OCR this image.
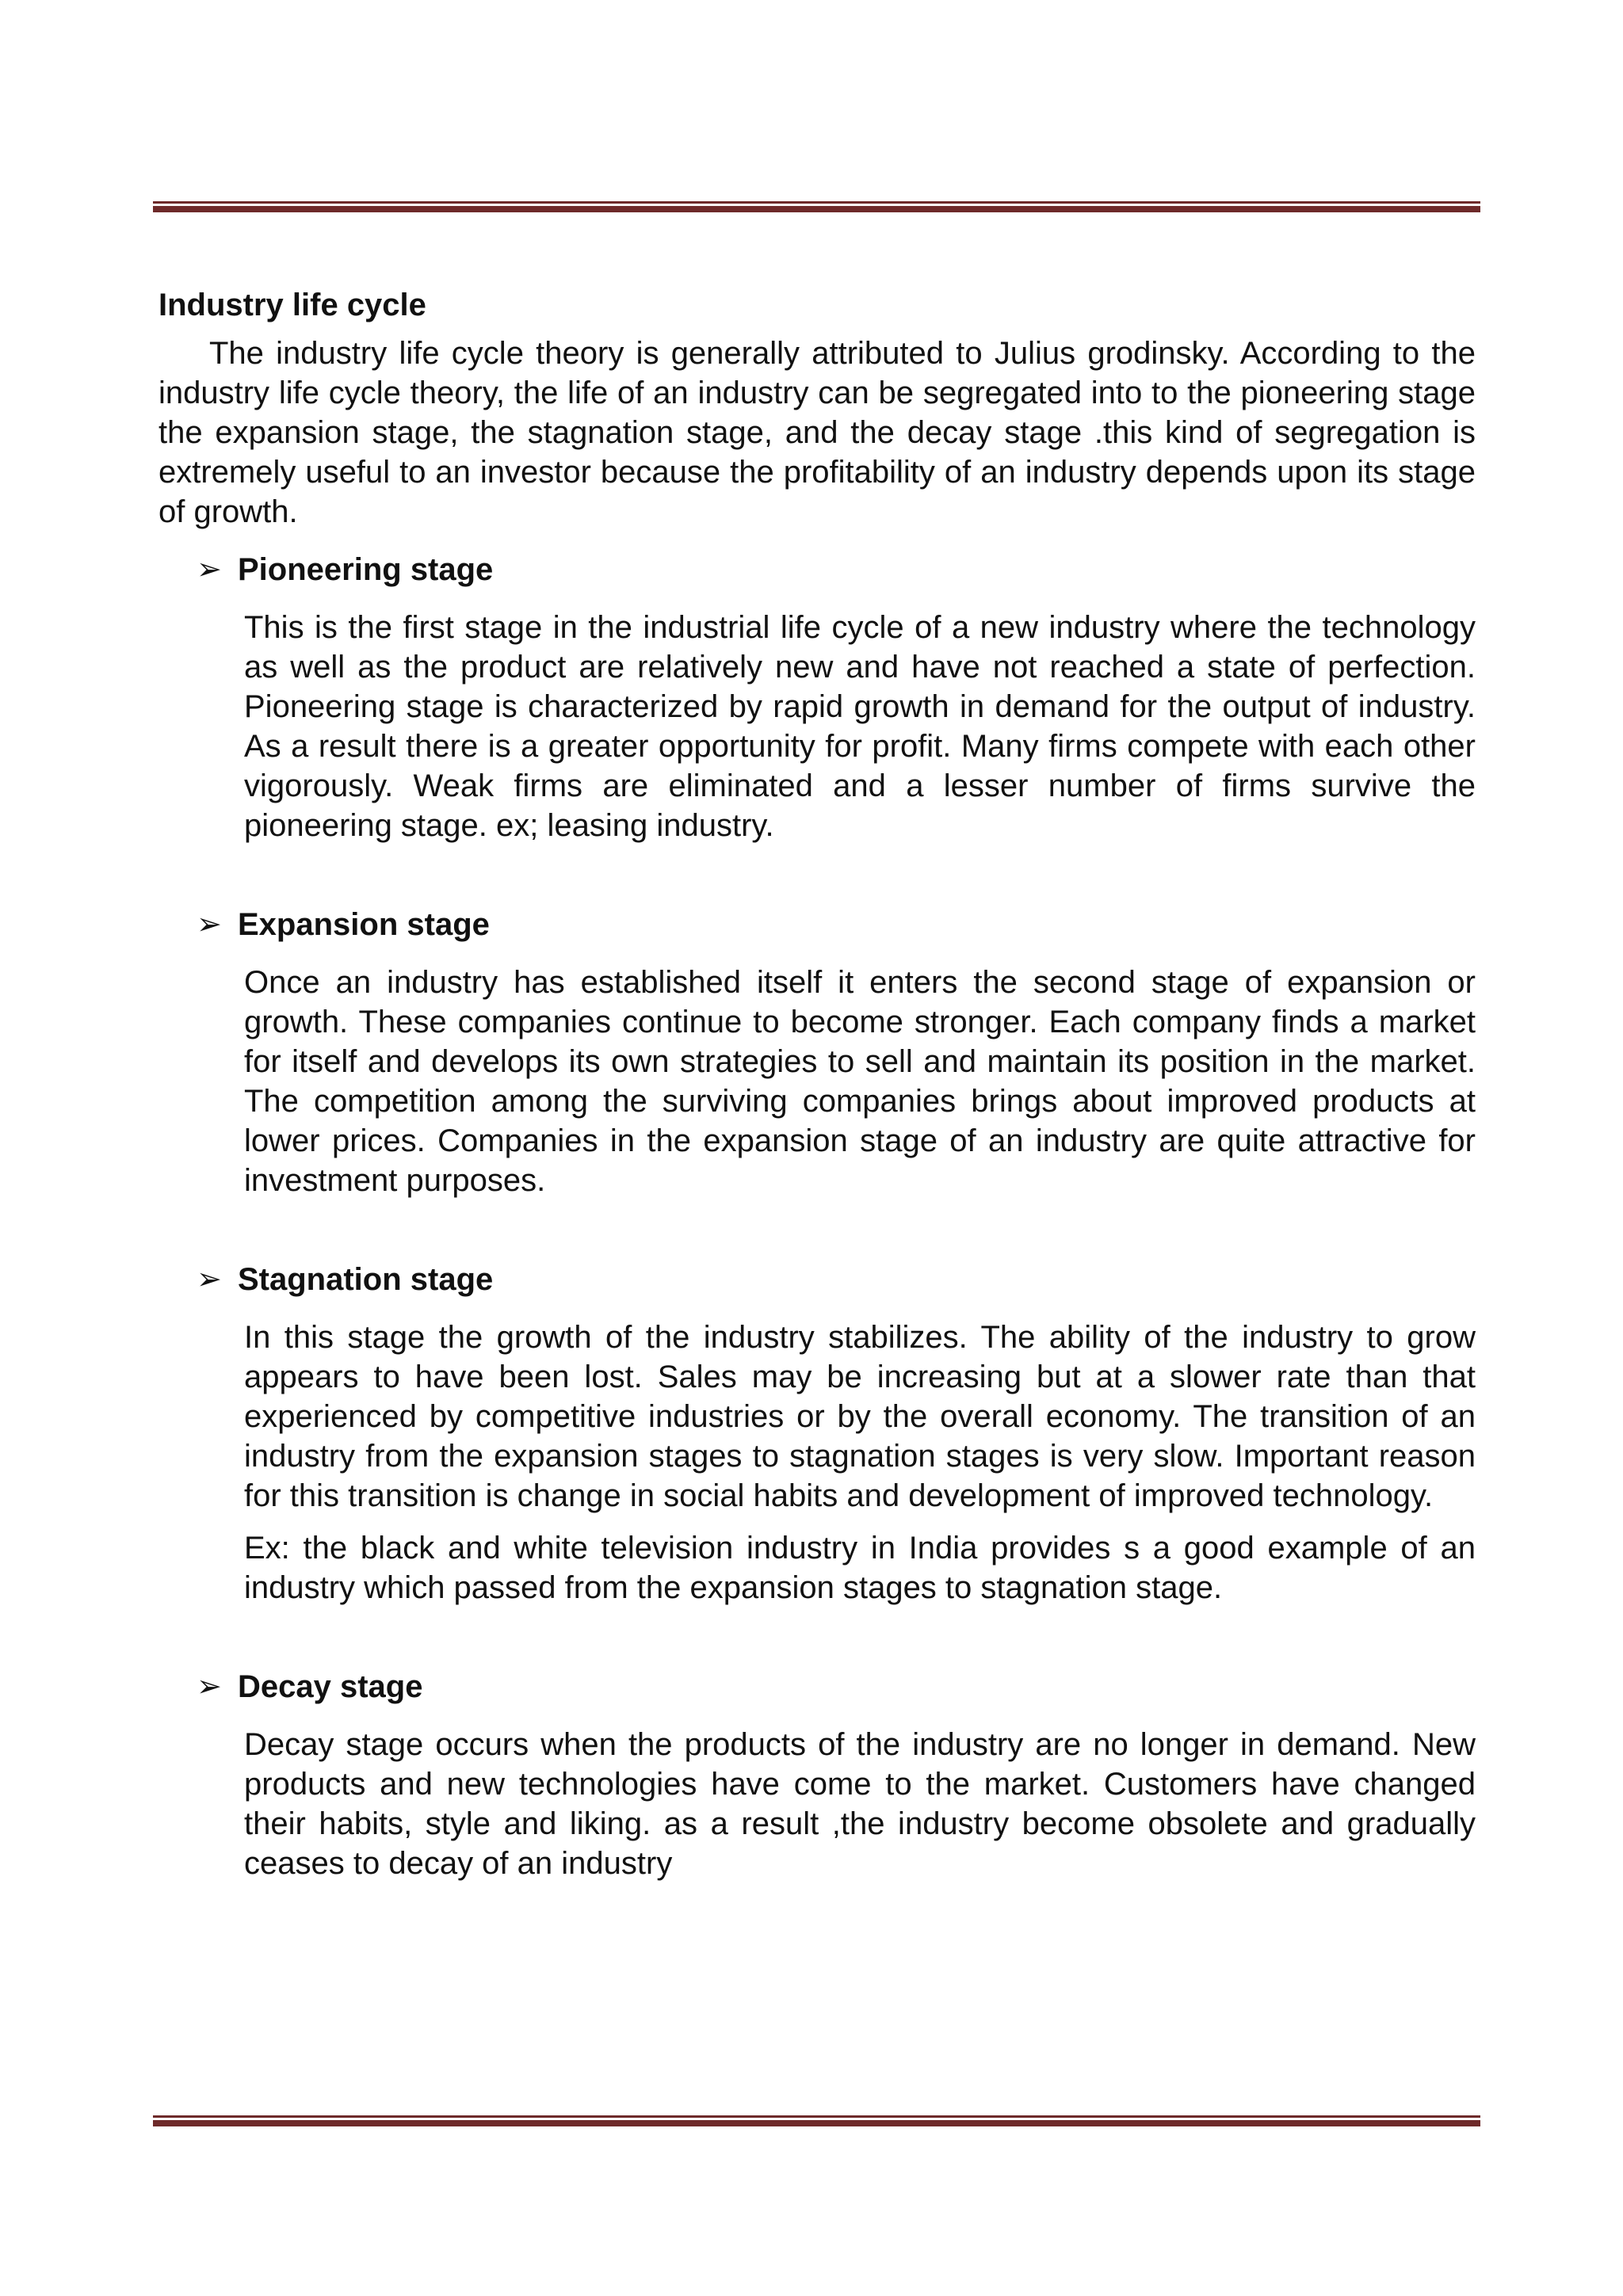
Industry life cycle

The industry life cycle theory is generally attributed to Julius grodinsky. According to the industry life cycle theory, the life of an industry can be segregated into to the pioneering stage the expansion stage, the stagnation stage, and the decay stage .this kind of segregation is extremely useful to an investor because the profitability of an industry depends upon its stage of growth.

➢ Pioneering stage

This is the first stage in the industrial life cycle of a new industry where the technology as well as the product are relatively new and have not reached a state of perfection. Pioneering stage is characterized by rapid growth in demand for the output of industry. As a result there is a greater opportunity for profit. Many firms compete with each other vigorously. Weak firms are eliminated and a lesser number of firms survive the pioneering stage. ex; leasing industry.

➢ Expansion stage

Once an industry has established itself it enters the second stage of expansion or growth. These companies continue to become stronger. Each company finds a market for itself and develops its own strategies to sell and maintain its position in the market. The competition among the surviving companies brings about improved products at lower prices. Companies in the expansion stage of an industry are quite attractive for investment purposes.

➢ Stagnation stage

In this stage the growth of the industry stabilizes. The ability of the industry to grow appears to have been lost. Sales may be increasing but at a slower rate than that experienced by competitive industries or by the overall economy. The transition of an industry from the expansion stages to stagnation stages is very slow. Important reason for this transition is change in social habits and development of improved technology.

Ex: the black and white television industry in India provides s a good example of an industry which passed from the expansion stages to stagnation stage.

➢ Decay stage

Decay stage occurs when the products of the industry are no longer in demand. New products and new technologies have come to the market. Customers have changed their habits, style and liking. as a result ,the industry become obsolete and gradually ceases to decay of an industry
